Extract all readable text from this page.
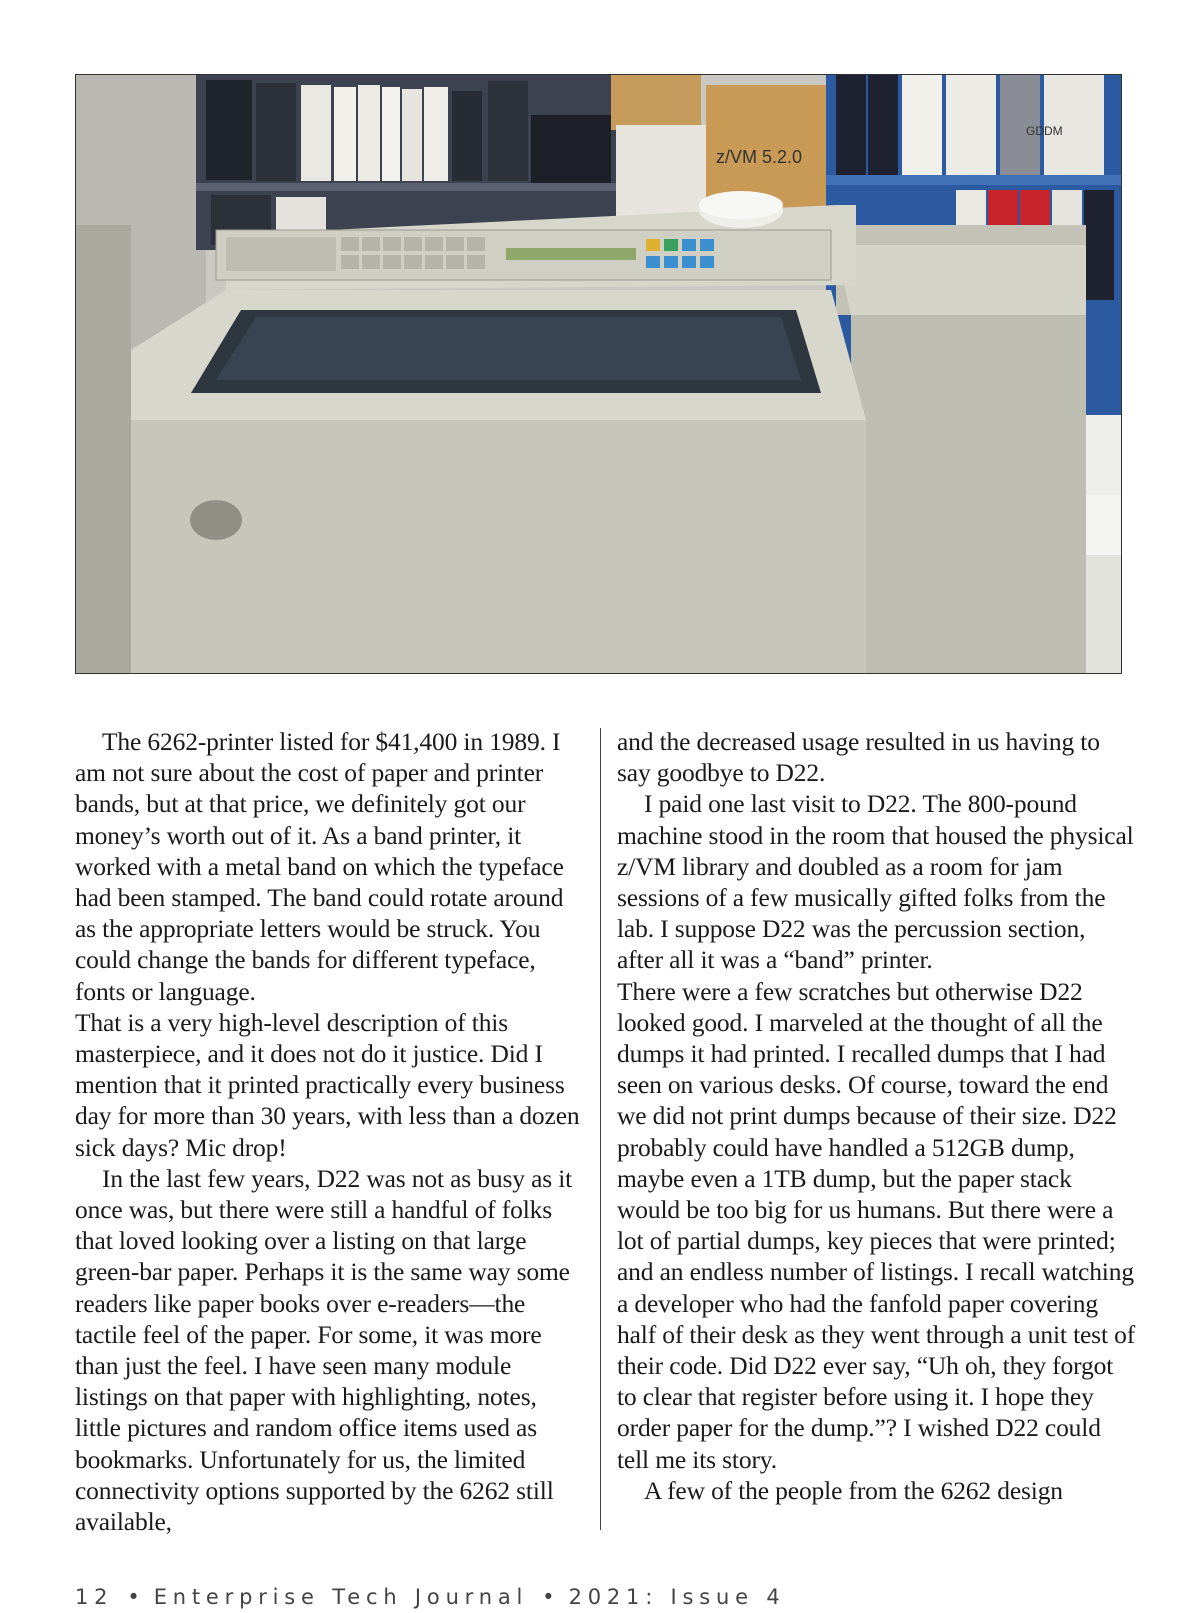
z/VM 5.2.0
GDDM

The 6262-printer listed for $41,400 in 1989. I am not sure about the cost of paper and printer bands, but at that price, we definitely got our money’s worth out of it. As a band printer, it worked with a metal band on which the typeface had been stamped. The band could rotate around as the appropriate letters would be struck. You could change the bands for different typeface, fonts or language.

That is a very high-level description of this masterpiece, and it does not do it justice. Did I mention that it printed practically every business day for more than 30 years, with less than a dozen sick days? Mic drop!

In the last few years, D22 was not as busy as it once was, but there were still a handful of folks that loved looking over a listing on that large green-bar paper. Perhaps it is the same way some readers like paper books over e-readers—the tactile feel of the paper. For some, it was more than just the feel. I have seen many module listings on that paper with highlighting, notes, little pictures and random office items used as bookmarks. Unfortunately for us, the limited connectivity options supported by the 6262 still available,

and the decreased usage resulted in us having to say goodbye to D22.

I paid one last visit to D22. The 800-pound machine stood in the room that housed the physical z/VM library and doubled as a room for jam sessions of a few musically gifted folks from the lab. I suppose D22 was the percussion section, after all it was a “band” printer.

There were a few scratches but otherwise D22 looked good. I marveled at the thought of all the dumps it had printed. I recalled dumps that I had seen on various desks. Of course, toward the end we did not print dumps because of their size. D22 probably could have handled a 512GB dump, maybe even a 1TB dump, but the paper stack would be too big for us humans. But there were a lot of partial dumps, key pieces that were printed; and an endless number of listings. I recall watching a developer who had the fanfold paper covering half of their desk as they went through a unit test of their code. Did D22 ever say, “Uh oh, they forgot to clear that register before using it. I hope they order paper for the dump.”? I wished D22 could tell me its story.

A few of the people from the 6262 design

12 • Enterprise Tech Journal • 2021: Issue 4
